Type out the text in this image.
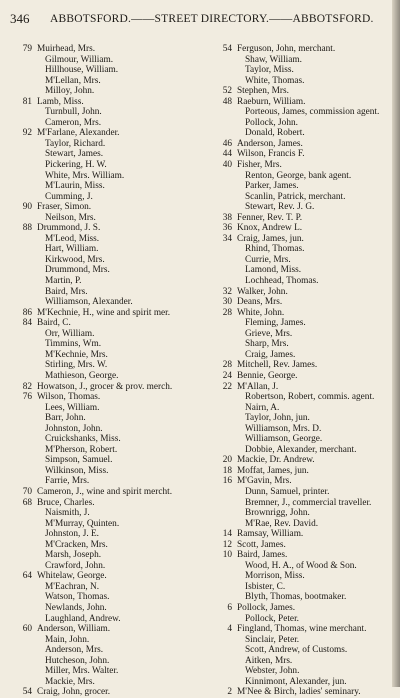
346 ABBOTSFORD.——STREET DIRECTORY.——ABBOTSFORD.
79 Muirhead, Mrs.
Gilmour, William.
Hillhouse, William.
M'Lellan, Mrs.
Milloy, John.
81 Lamb, Miss.
Turnbull, John.
Cameron, Mrs.
92 M'Farlane, Alexander.
Taylor, Richard.
Stewart, James.
Pickering, H. W.
White, Mrs. William.
M'Laurin, Miss.
Cumming, J.
90 Fraser, Simon.
Neilson, Mrs.
88 Drummond, J. S.
M'Leod, Miss.
Hart, William.
Kirkwood, Mrs.
Drummond, Mrs.
Martin, P.
Baird, Mrs.
Williamson, Alexander.
86 M'Kechnie, H., wine and spirit mer.
84 Baird, C.
Orr, William.
Timmins, Wm.
M'Kechnie, Mrs.
Stirling, Mrs. W.
Mathieson, George.
82 Howatson, J., grocer & prov. merch.
76 Wilson, Thomas.
Lees, William.
Barr, John.
Johnston, John.
Cruickshanks, Miss.
M'Pherson, Robert.
Simpson, Samuel.
Wilkinson, Miss.
Farrie, Mrs.
70 Cameron, J., wine and spirit mercht.
68 Bruce, Charles.
Naismith, J.
M'Murray, Quinten.
Johnston, J. E.
M'Cracken, Mrs.
Marsh, Joseph.
Crawford, John.
64 Whitelaw, George.
M'Eachran, N.
Watson, Thomas.
Newlands, John.
Laughland, Andrew.
60 Anderson, William.
Main, John.
Anderson, Mrs.
Hutcheson, John.
Miller, Mrs. Walter.
Mackie, Mrs.
54 Craig, John, grocer.
54 Ferguson, John, merchant.
Shaw, William.
Taylor, Miss.
White, Thomas.
52 Stephen, Mrs.
48 Raeburn, William.
Porteous, James, commission agent.
Pollock, John.
Donald, Robert.
46 Anderson, James.
44 Wilson, Francis F.
40 Fisher, Mrs.
Renton, George, bank agent.
Parker, James.
Scanlin, Patrick, merchant.
Stewart, Rev. J. G.
38 Fenner, Rev. T. P.
36 Knox, Andrew L.
34 Craig, James, jun.
Rhind, Thomas.
Currie, Mrs.
Lamond, Miss.
Lochhead, Thomas.
32 Walker, John.
30 Deans, Mrs.
28 White, John.
Fleming, James.
Grieve, Mrs.
Sharp, Mrs.
Craig, James.
28 Mitchell, Rev. James.
24 Bennie, George.
22 M'Allan, J.
Robertson, Robert, commis. agent.
Nairn, A.
Taylor, John, jun.
Williamson, Mrs. D.
Williamson, George.
Dobbie, Alexander, merchant.
20 Mackie, Dr. Andrew.
18 Moffat, James, jun.
16 M'Gavin, Mrs.
Dunn, Samuel, printer.
Bremner, J., commercial traveller.
Brownrigg, John.
M'Rae, Rev. David.
14 Ramsay, William.
12 Scott, James.
10 Baird, James.
Wood, H. A., of Wood & Son.
Morrison, Miss.
Isbister, C.
Blyth, Thomas, bootmaker.
6 Pollock, James.
Pollock, Peter.
4 Fingland, Thomas, wine merchant.
Sinclair, Peter.
Scott, Andrew, of Customs.
Aitken, Mrs.
Webster, John.
Kinnimont, Alexander, jun.
2 M'Nee & Birch, ladies' seminary.
